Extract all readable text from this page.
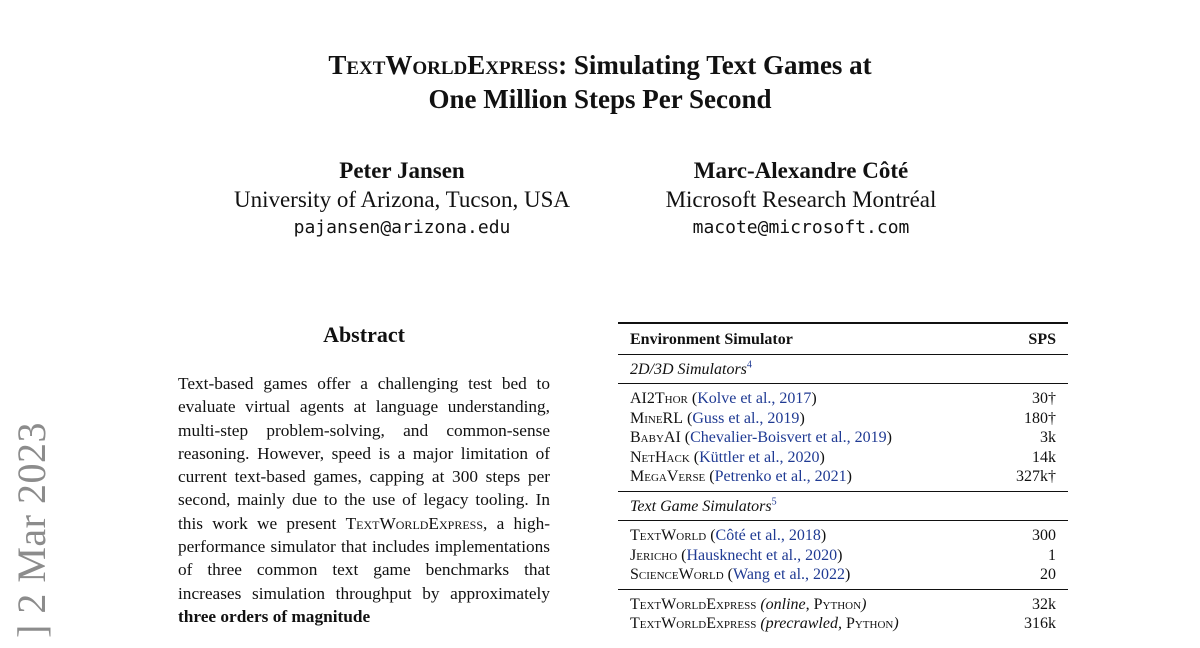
TextWorldExpress: Simulating Text Games at
One Million Steps Per Second
Peter Jansen
University of Arizona, Tucson, USA
pajansen@arizona.edu
Marc-Alexandre Côté
Microsoft Research Montréal
macote@microsoft.com
] 2 Mar 2023
Abstract
Text-based games offer a challenging test bed to evaluate virtual agents at language understanding, multi-step problem-solving, and common-sense reasoning. However, speed is a major limitation of current text-based games, capping at 300 steps per second, mainly due to the use of legacy tooling. In this work we present TextWorldExpress, a high-performance simulator that includes implementations of three common text game benchmarks that increases simulation throughput by approximately three orders of magnitude
Environment Simulator	SPS
2D/3D Simulators$^4$
AI2Thor (Kolve et al., 2017)	30†
MineRL (Guss et al., 2019)	180†
BabyAI (Chevalier-Boisvert et al., 2019)	3k
NetHack (Küttler et al., 2020)	14k
MegaVerse (Petrenko et al., 2021)	327k†
Text Game Simulators$^5$
TextWorld (Côté et al., 2018)	300
Jericho (Hausknecht et al., 2020)	1
ScienceWorld (Wang et al., 2022)	20
TextWorldExpress (online, Python)	32k
TextWorldExpress (precrawled, Python)	316k
